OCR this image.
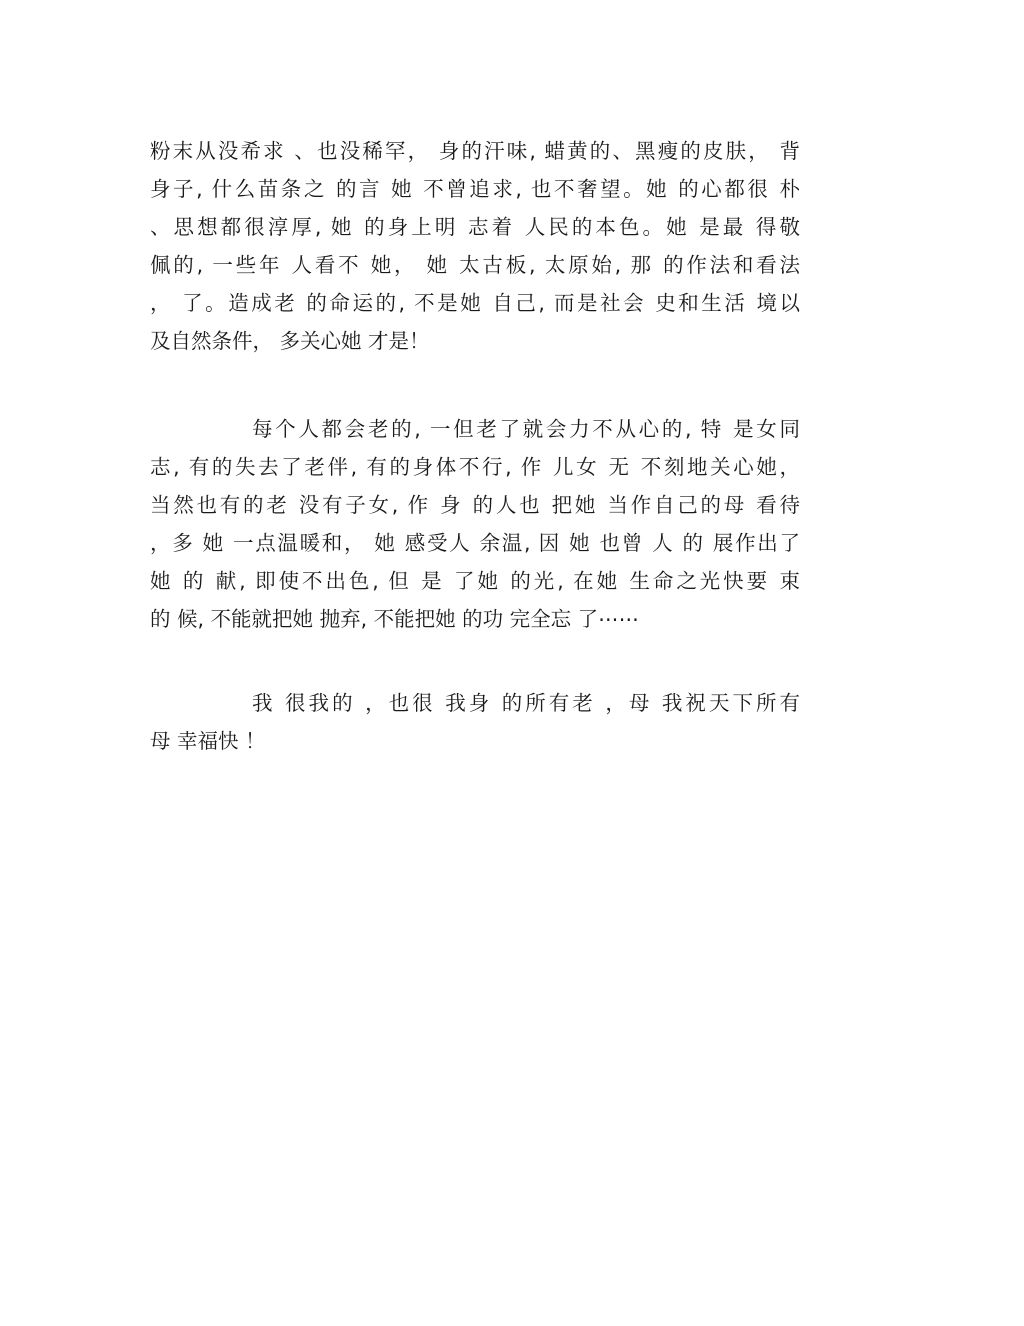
粉末从没希求 、也没稀罕， 身的汗味, 蜡黄的、黑瘦的皮肤， 背
身子, 什么苗条之 的言 她 不曾追求, 也不奢望。她 的心都很 朴
、思想都很淳厚, 她 的身上明 志着 人民的本色。她 是最 得敬
佩的, 一些年 人看不 她， 她 太古板, 太原始, 那 的作法和看法
， 了。造成老 的命运的, 不是她 自己, 而是社会 史和生活 境以
及自然条件， 多关心她 才是！
每个人都会老的, 一但老了就会力不从心的, 特 是女同
志, 有的失去了老伴, 有的身体不行, 作 儿女 无 不刻地关心她，
当然也有的老 没有子女, 作 身 的人也 把她 当作自己的母 看待
，多 她 一点温暖和， 她 感受人 余温, 因 她 也曾 人 的 展作出了
她 的 献, 即使不出色, 但 是 了她 的光, 在她 生命之光快要 束
的 候, 不能就把她 抛弃, 不能把她 的功 完全忘 了⋯⋯
我 很我的 ，也很 我身 的所有老 ，母 我祝天下所有
母 幸福快 ！
